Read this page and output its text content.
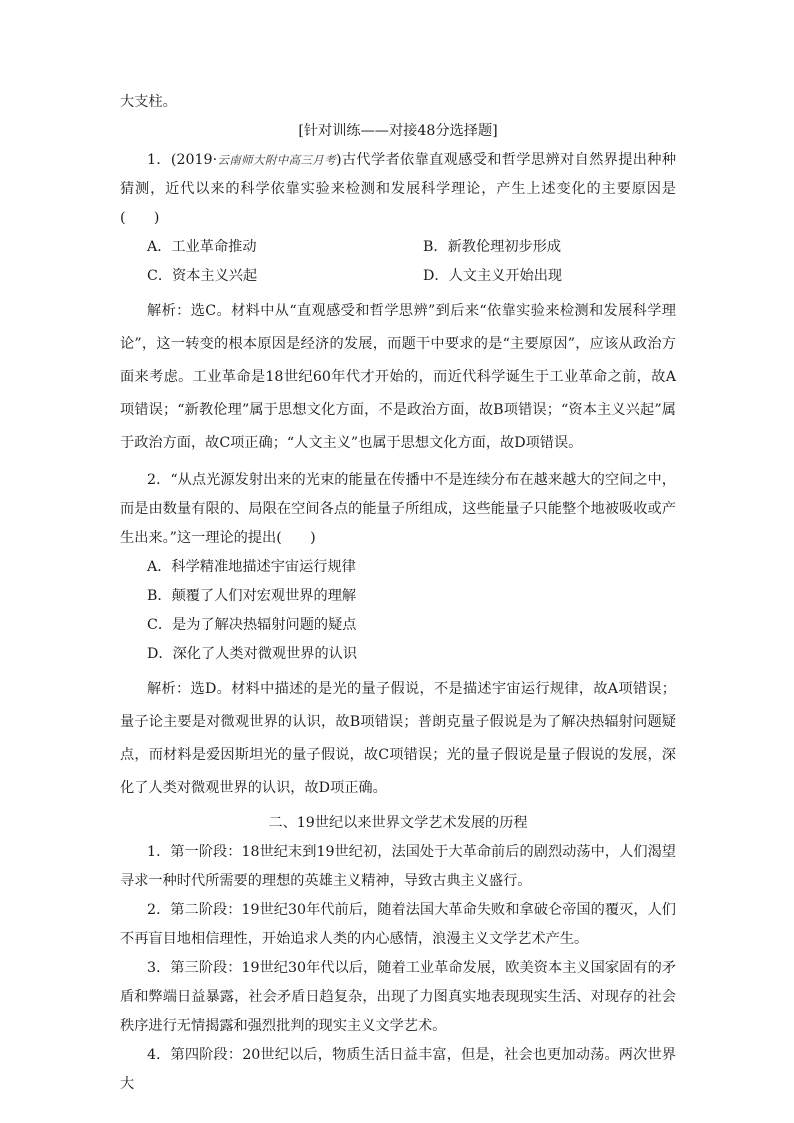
大支柱。

[针对训练——对接48分选择题]

1．(2019·云南师大附中高三月考)古代学者依靠直观感受和哲学思辨对自然界提出种种猜测，近代以来的科学依靠实验来检测和发展科学理论，产生上述变化的主要原因是(　　)

A．工业革命推动	B．新教伦理初步形成
C．资本主义兴起	D．人文主义开始出现

解析：选C。材料中从“直观感受和哲学思辨”到后来“依靠实验来检测和发展科学理论”，这一转变的根本原因是经济的发展，而题干中要求的是“主要原因”，应该从政治方面来考虑。工业革命是18世纪60年代才开始的，而近代科学诞生于工业革命之前，故A项错误；“新教伦理”属于思想文化方面，不是政治方面，故B项错误；“资本主义兴起”属于政治方面，故C项正确；“人文主义”也属于思想文化方面，故D项错误。

2．“从点光源发射出来的光束的能量在传播中不是连续分布在越来越大的空间之中，而是由数量有限的、局限在空间各点的能量子所组成，这些能量子只能整个地被吸收或产生出来。”这一理论的提出(　　)

A．科学精准地描述宇宙运行规律

B．颠覆了人们对宏观世界的理解

C．是为了解决热辐射问题的疑点

D．深化了人类对微观世界的认识

解析：选D。材料中描述的是光的量子假说，不是描述宇宙运行规律，故A项错误；量子论主要是对微观世界的认识，故B项错误；普朗克量子假说是为了解决热辐射问题疑点，而材料是爱因斯坦光的量子假说，故C项错误；光的量子假说是量子假说的发展，深化了人类对微观世界的认识，故D项正确。

二、19世纪以来世界文学艺术发展的历程

1．第一阶段：18世纪末到19世纪初，法国处于大革命前后的剧烈动荡中，人们渴望寻求一种时代所需要的理想的英雄主义精神，导致古典主义盛行。

2．第二阶段：19世纪30年代前后，随着法国大革命失败和拿破仑帝国的覆灭，人们不再盲目地相信理性，开始追求人类的内心感情，浪漫主义文学艺术产生。

3．第三阶段：19世纪30年代以后，随着工业革命发展，欧美资本主义国家固有的矛盾和弊端日益暴露，社会矛盾日趋复杂，出现了力图真实地表现现实生活、对现存的社会秩序进行无情揭露和强烈批判的现实主义文学艺术。

4．第四阶段：20世纪以后，物质生活日益丰富，但是，社会也更加动荡。两次世界大
